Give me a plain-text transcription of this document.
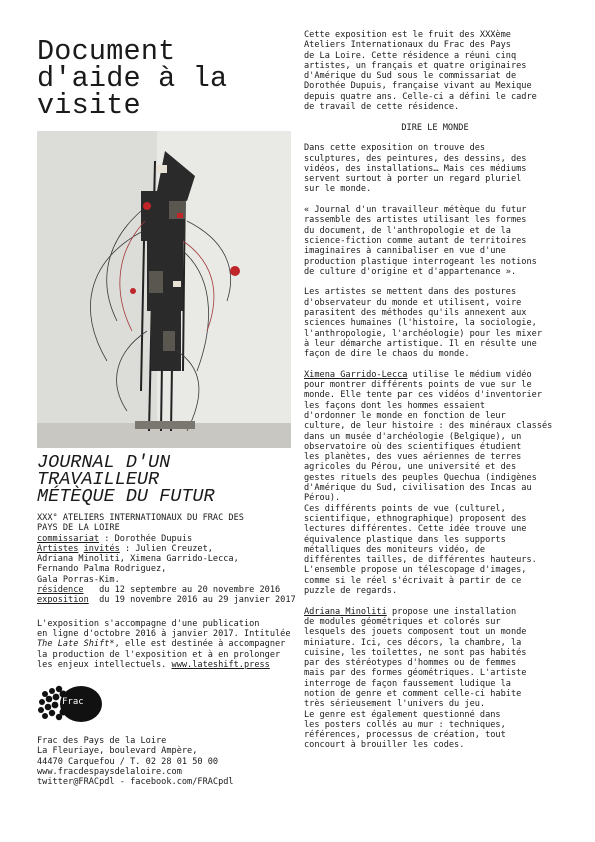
Document
d'aide à la
visite
JOURNAL D'UN
TRAVAILLEUR
MÉTÈQUE DU FUTUR

XXX° ATELIERS INTERNATIONAUX DU FRAC DES

PAYS DE LA LOIRE

commissariat : Dorothée Dupuis

Artistes invités : Julien Creuzet,

Adriana Minoliti, Ximena Garrido-Lecca,

Fernando Palma Rodriguez,

Gala Porras-Kim.

résidence   du 12 septembre au 20 novembre 2016

exposition  du 19 novembre 2016 au 29 janvier 2017

L'exposition s'accompagne d'une publication

en ligne d'octobre 2016 à janvier 2017. Intitulée

The Late Shift*, elle est destinée à accompagner

la production de l'exposition et à en prolonger

les enjeux intellectuels. www.lateshift.press

Frac

Frac des Pays de la Loire

La Fleuriaye, boulevard Ampère,

44470 Carquefou / T. 02 28 01 50 00

www.fracdespaysdelaloire.com

twitter@FRACpdl - facebook.com/FRACpdl

Cette exposition est le fruit des XXXème
Ateliers Internationaux du Frac des Pays
de La Loire. Cette résidence a réuni cinq
artistes, un français et quatre originaires
d'Amérique du Sud sous le commissariat de
Dorothée Dupuis, française vivant au Mexique
depuis quatre ans. Celle-ci a défini le cadre
de travail de cette résidence.
DIRE LE MONDE
Dans cette exposition on trouve des
sculptures, des peintures, des dessins, des
vidéos, des installations… Mais ces médiums
servent surtout à porter un regard pluriel
sur le monde.
« Journal d'un travailleur métèque du futur
rassemble des artistes utilisant les formes
du document, de l'anthropologie et de la
science-fiction comme autant de territoires
imaginaires à cannibaliser en vue d'une
production plastique interrogeant les notions
de culture d'origine et d'appartenance ».
Les artistes se mettent dans des postures
d'observateur du monde et utilisent, voire
parasitent des méthodes qu'ils annexent aux
sciences humaines (l'histoire, la sociologie,
l'anthropologie, l'archéologie) pour les mixer
à leur démarche artistique. Il en résulte une
façon de dire le chaos du monde.
Ximena Garrido-Lecca utilise le médium vidéo
pour montrer différents points de vue sur le
monde. Elle tente par ces vidéos d'inventorier
les façons dont les hommes essaient
d'ordonner le monde en fonction de leur
culture, de leur histoire : des minéraux classés
dans un musée d'archéologie (Belgique), un
observatoire où des scientifiques étudient
les planètes, des vues aériennes de terres
agricoles du Pérou, une université et des
gestes rituels des peuples Quechua (indigènes
d'Amérique du Sud, civilisation des Incas au
Pérou).
Ces différents points de vue (culturel,
scientifique, ethnographique) proposent des
lectures différentes. Cette idée trouve une
équivalence plastique dans les supports
métalliques des moniteurs vidéo, de
différentes tailles, de différentes hauteurs.
L'ensemble propose un télescopage d'images,
comme si le réel s'écrivait à partir de ce
puzzle de regards.
Adriana Minoliti propose une installation
de modules géométriques et colorés sur
lesquels des jouets composent tout un monde
miniature. Ici, ces décors, la chambre, la
cuisine, les toilettes, ne sont pas habités
par des stéréotypes d'hommes ou de femmes
mais par des formes géométriques. L'artiste
interroge de façon faussement ludique la
notion de genre et comment celle-ci habite
très sérieusement l'univers du jeu.
Le genre est également questionné dans
les posters collés au mur : techniques,
références, processus de création, tout
concourt à brouiller les codes.
